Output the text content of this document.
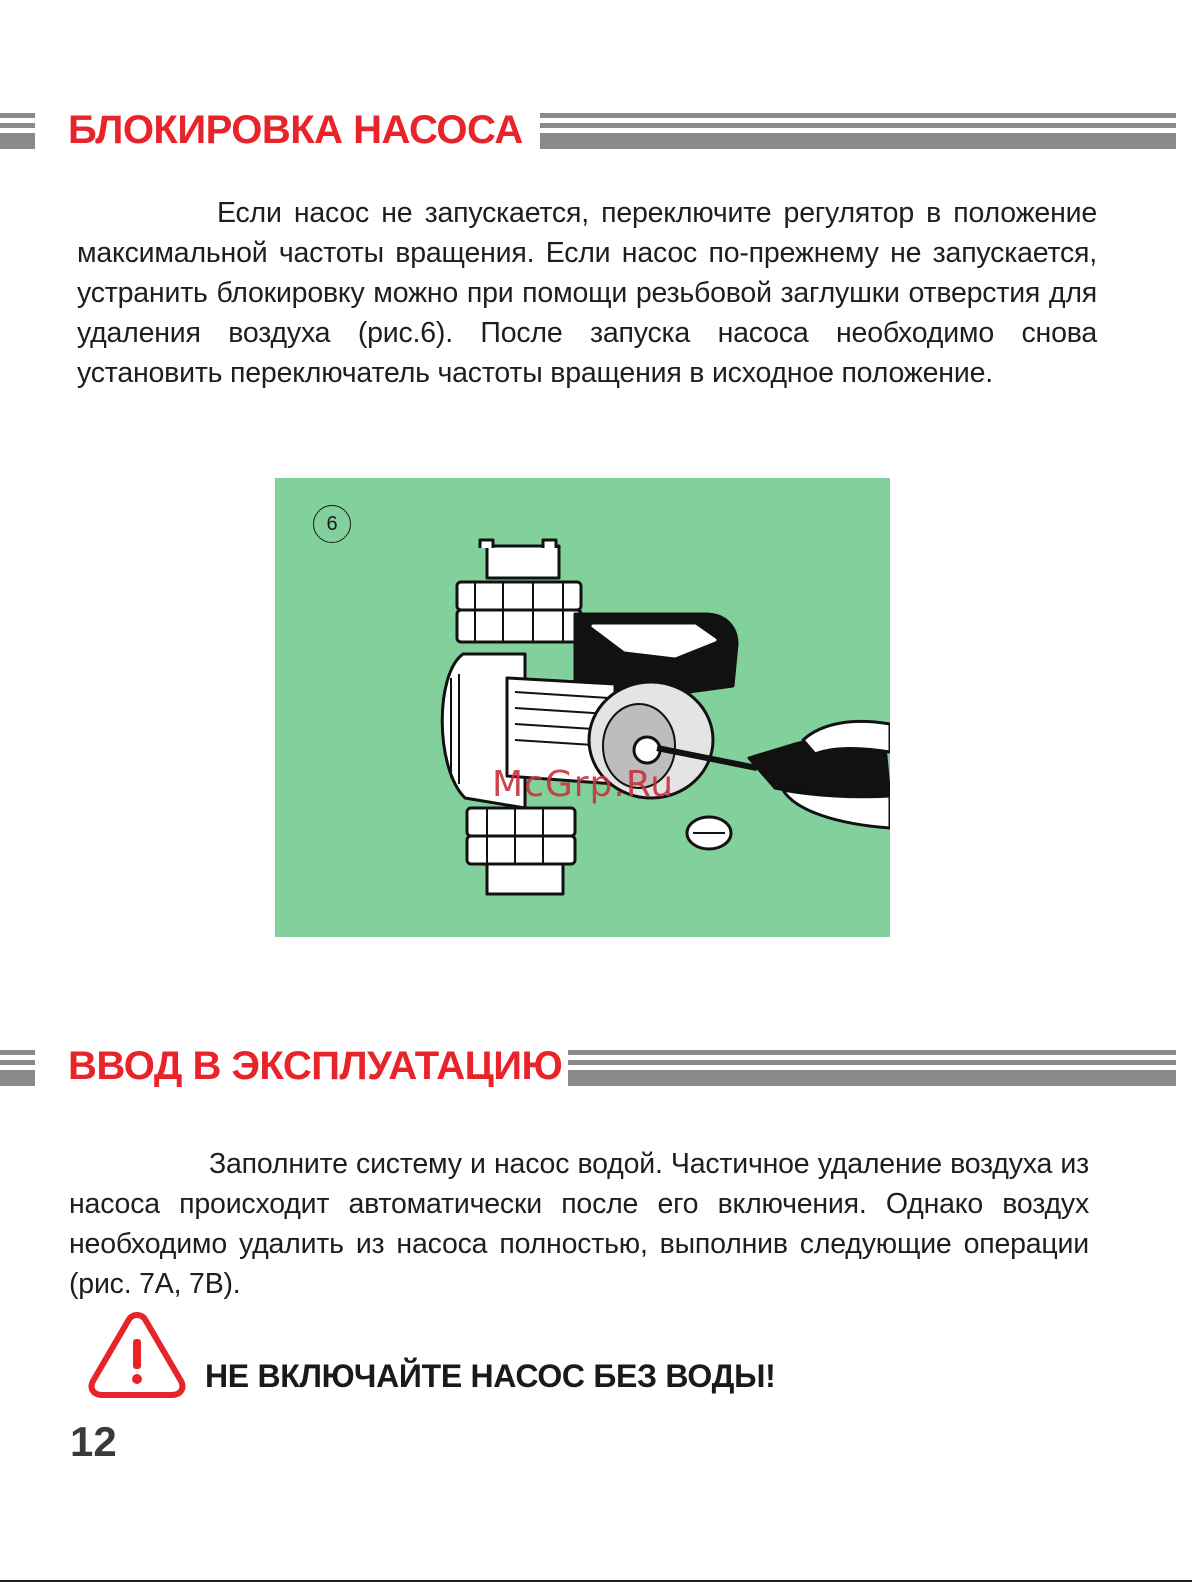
БЛОКИРОВКА НАСОСА

Если насос не запускается, переключите регулятор в положение максимальной частоты вращения. Если насос по-прежнему не запускается, устранить блокировку можно при помощи резьбовой заглушки отверстия для удаления воздуха (рис.6). После запуска насоса необходимо снова установить переключатель частоты вращения в исходное положение.

6
McGrp.Ru
ВВОД В ЭКСПЛУАТАЦИЮ

Заполните систему и насос водой. Частичное удаление воздуха из насоса происходит автоматически после его включения. Однако воздух необходимо удалить из насоса полностью, выполнив следующие операции (рис. 7А, 7В).

НЕ ВКЛЮЧАЙТЕ НАСОС БЕЗ ВОДЫ!

12
